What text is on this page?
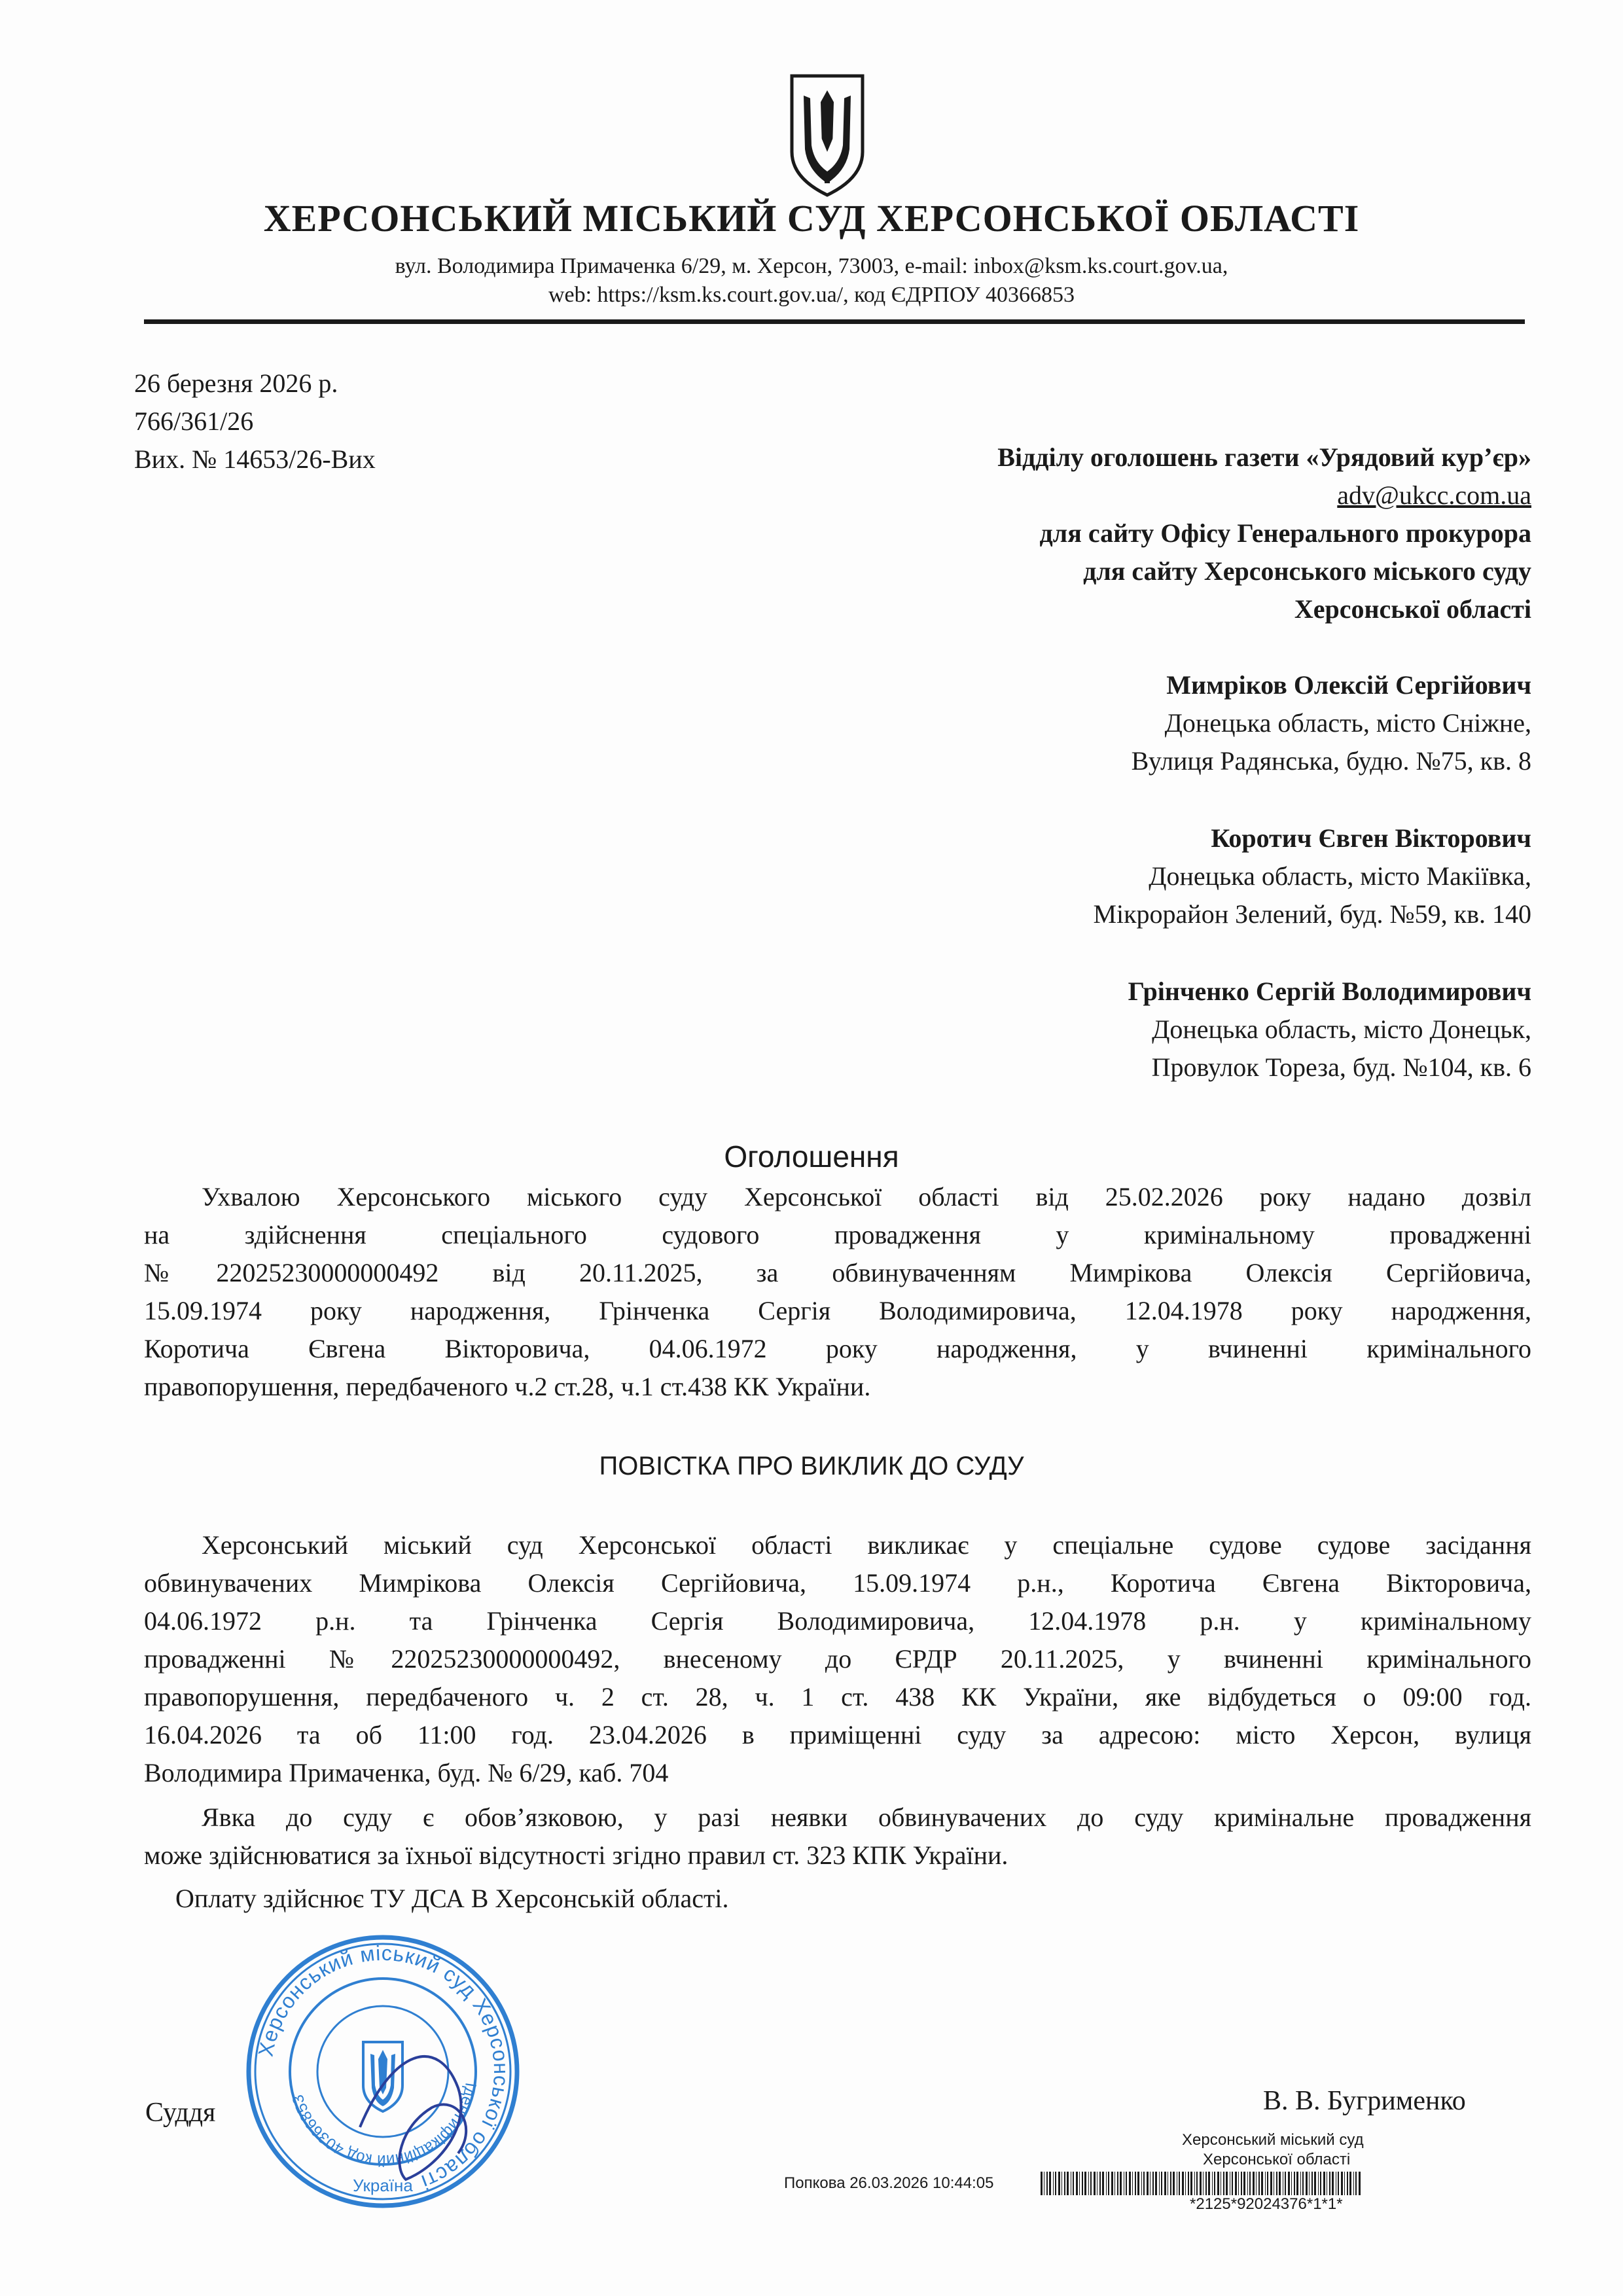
ХЕРСОНСЬКИЙ МІСЬКИЙ СУД ХЕРСОНСЬКОЇ ОБЛАСТІ
вул. Володимира Примаченка 6/29, м. Херсон, 73003, e-mail: inbox@ksm.ks.court.gov.ua,
web: https://ksm.ks.court.gov.ua/, код ЄДРПОУ 40366853
26 березня 2026 р.
766/361/26
Вих. № 14653/26-Вих	Відділу оголошень газети «Урядовий кур’єр»
adv@ukcc.com.ua
для сайту Офісу Генерального прокурора
для сайту Херсонського міського суду
Херсонської області
Мимріков Олексій Сергійович
Донецька область, місто Сніжне,
Вулиця Радянська, будю. №75, кв. 8
Коротич Євген Вікторович
Донецька область, місто Макіївка,
Мікрорайон Зелений, буд. №59, кв. 140
Грінченко Сергій Володимирович
Донецька область, місто Донецьк,
Провулок Тореза, буд. №104, кв. 6
Оголошення
Ухвалою Херсонського міського суду Херсонської області від 25.02.2026 року надано дозвіл
на здійснення спеціального судового провадження у кримінальному провадженні
№22025230000000492 від 20.11.2025, за обвинуваченням Мимрікова Олексія Сергійовича,
15.09.1974 року народження, Грінченка Сергія Володимировича, 12.04.1978 року народження,
Коротича Євгена Вікторовича, 04.06.1972 року народження, у вчиненні кримінального
правопорушення, передбаченого ч.2 ст.28, ч.1 ст.438 КК України.
ПОВІСТКА ПРО ВИКЛИК ДО СУДУ
Херсонський міський суд Херсонської області викликає у спеціальне судове судове засідання
обвинувачених Мимрікова Олексія Сергійовича, 15.09.1974 р.н., Коротича Євгена Вікторовича,
04.06.1972 р.н. та Грінченка Сергія Володимировича, 12.04.1978 р.н. у кримінальному
провадженні №22025230000000492, внесеному до ЄРДР 20.11.2025, у вчиненні кримінального
правопорушення, передбаченого ч. 2 ст. 28, ч. 1 ст. 438 КК України, яке відбудеться о 09:00 год.
16.04.2026 та об 11:00 год. 23.04.2026 в приміщенні суду за адресою: місто Херсон, вулиця
Володимира Примаченка, буд. № 6/29, каб. 704
Явка до суду є обов’язковою, у разі неявки обвинувачених до суду кримінальне провадження
може здійснюватися за їхньої відсутності згідно правил ст. 323 КПК України.
Оплату здійснює ТУ ДСА В Херсонській області.
Суддя	В. В. Бугрименко
Херсонський міський суд Херсонської області
Ідентифікаційний код 40366853
Україна
Херсонський міський суд
Херсонської області
Попкова 26.03.2026 10:44:05
*2125*92024376*1*1*
